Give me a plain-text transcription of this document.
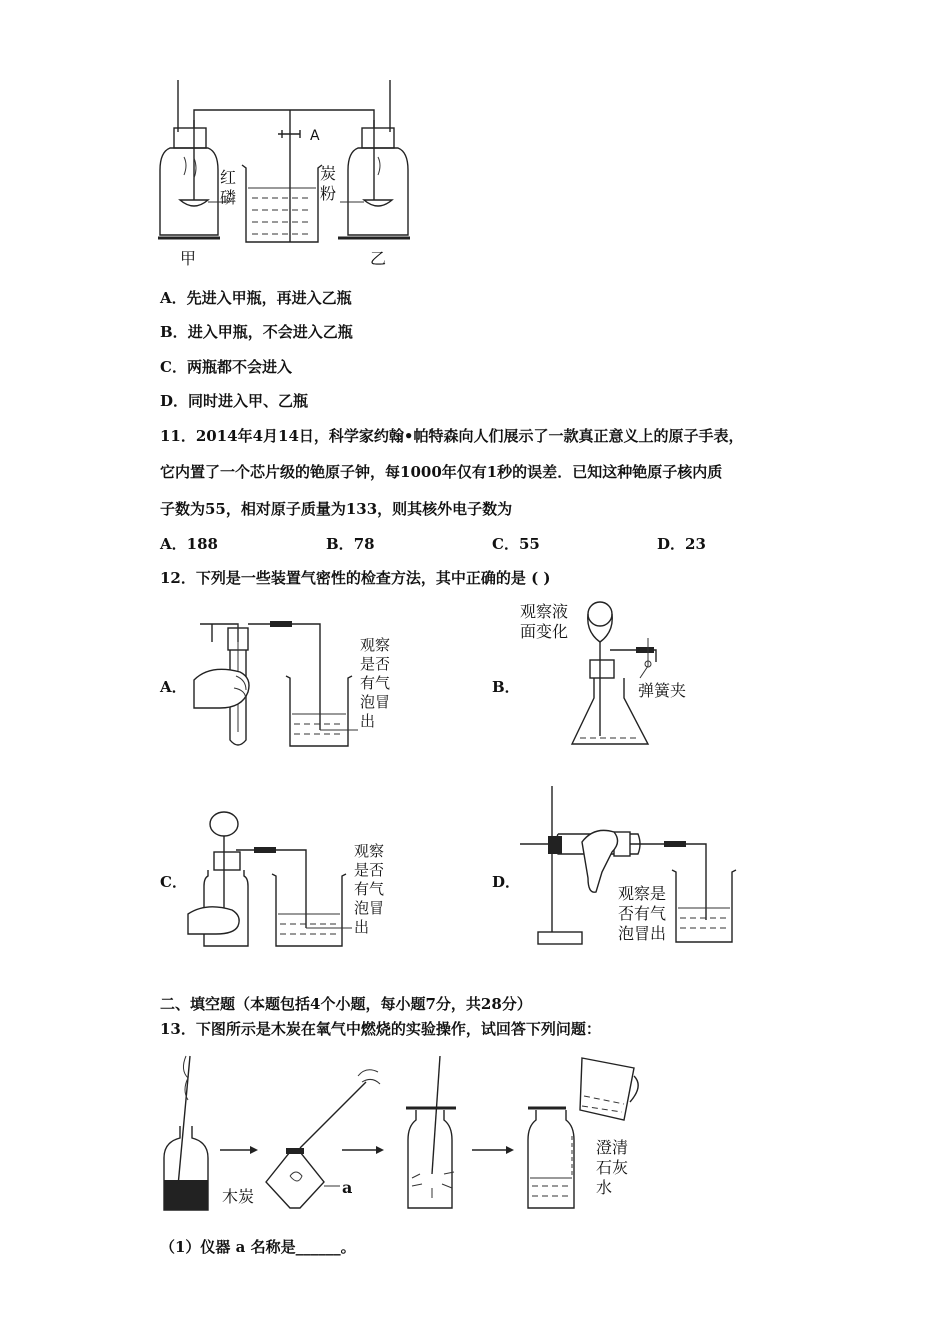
A
红磷
炭粉
甲	乙
A．先进入甲瓶，再进入乙瓶
B．进入甲瓶，不会进入乙瓶
C．两瓶都不会进入
D．同时进入甲、乙瓶
11．2014年4月14日，科学家约翰•帕特森向人们展示了一款真正意义上的原子手表，
它内置了一个芯片级的铯原子钟，每1000年仅有1秒的误差．已知这种铯原子核内质
子数为55，相对原子质量为133，则其核外电子数为
A．188	B．78	C．55	D．23
12．下列是一些装置气密性的检查方法，其中正确的是 ( )
A．
观察
是否
有气
泡冒
出
B．
观察液
面变化
弹簧夹
C．
观察
是否
有气
泡冒
出
D．
观察是
否有气
泡冒出
二、填空题（本题包括4个小题，每小题7分，共28分）
13．下图所示是木炭在氧气中燃烧的实验操作，试回答下列问题：
木炭	a
澄清
石灰
水
（1）仪器 a 名称是______。
